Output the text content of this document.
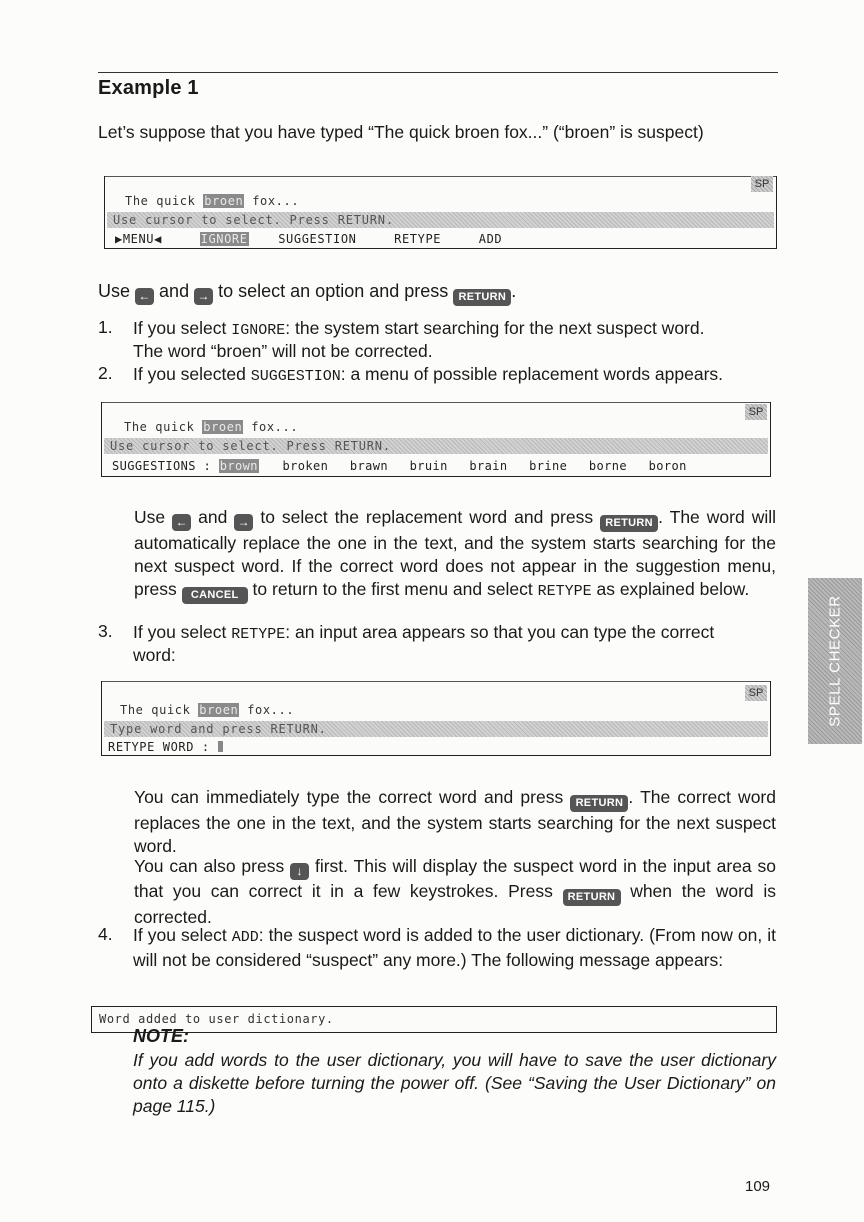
Example 1
Let’s suppose that you have typed “The quick broen fox...” (“broen” is suspect)
SP
The quick broen fox...
Use cursor to select. Press RETURN.
▶MENU◀	IGNORE	SUGGESTION	RETYPE	ADD
Use ← and → to select an option and press RETURN .
1. If you select IGNORE: the system start searching for the next suspect word.
The word “broen” will not be corrected.
2. If you selected SUGGESTION: a menu of possible replacement words appears.
SP
The quick broen fox...
Use cursor to select. Press RETURN.
SUGGESTIONS : brown broken brawn bruin brain brine borne boron
Use ← and → to select the replacement word and press RETURN . The word will automatically replace the one in the text, and the system starts searching for the next suspect word. If the correct word does not appear in the suggestion menu, press CANCEL to return to the first menu and select RETYPE as explained below.
3. If you select RETYPE: an input area appears so that you can type the correct
word:
SP
The quick broen fox...
Type word and press RETURN.
RETYPE WORD :
You can immediately type the correct word and press RETURN . The correct word replaces the one in the text, and the system starts searching for the next suspect word.
You can also press ↓ first. This will display the suspect word in the input area so that you can correct it in a few keystrokes. Press RETURN when the word is corrected.
4. If you select ADD: the suspect word is added to the user dictionary. (From now on, it will not be considered “suspect” any more.) The following message appears:
Word added to user dictionary.
NOTE:
If you add words to the user dictionary, you will have to save the user dictionary onto a diskette before turning the power off. (See “Saving the User Dictionary” on page 115.)
SPELL CHECKER
109
